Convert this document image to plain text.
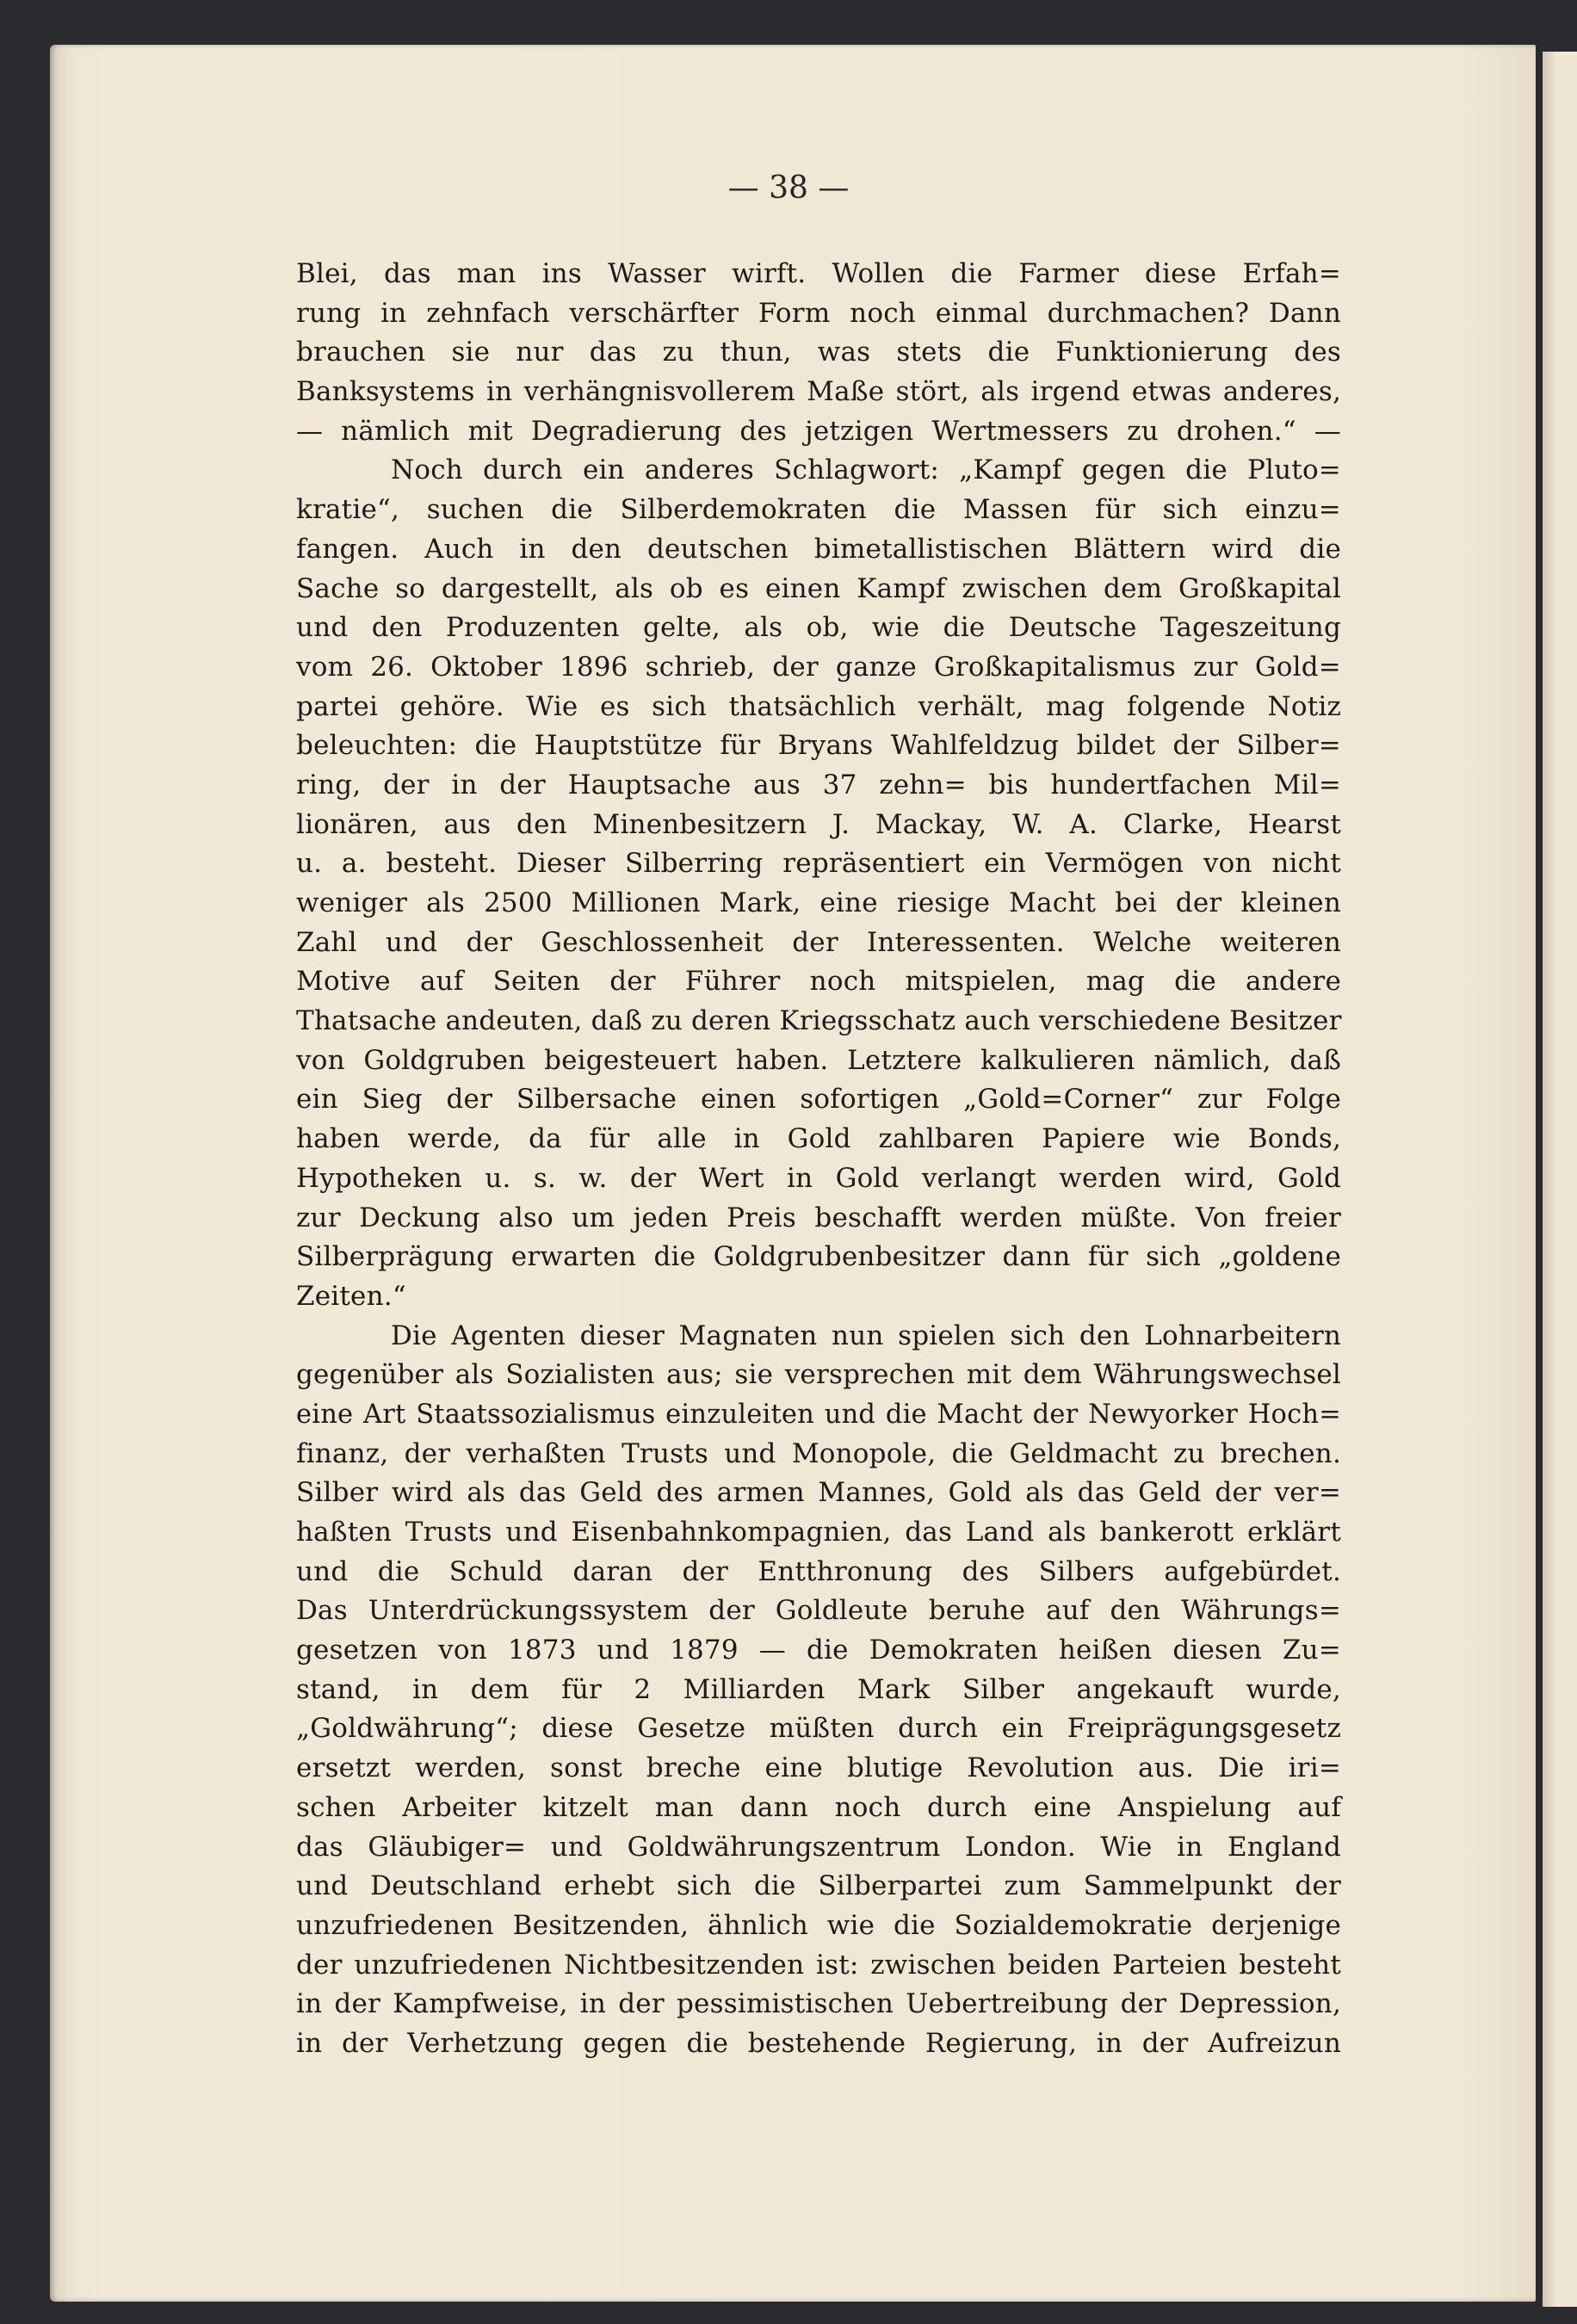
— 38 —
Blei, das man ins Wasser wirft. Wollen die Farmer diese Erfah=
rung in zehnfach verschärfter Form noch einmal durchmachen? Dann
brauchen sie nur das zu thun, was stets die Funktionierung des
Banksystems in verhängnisvollerem Maße stört, als irgend etwas anderes,
— nämlich mit Degradierung des jetzigen Wertmessers zu drohen.“ —
Noch durch ein anderes Schlagwort: „Kampf gegen die Pluto=
kratie“, suchen die Silberdemokraten die Massen für sich einzu=
fangen. Auch in den deutschen bimetallistischen Blättern wird die
Sache so dargestellt, als ob es einen Kampf zwischen dem Großkapital
und den Produzenten gelte, als ob, wie die Deutsche Tageszeitung
vom 26. Oktober 1896 schrieb, der ganze Großkapitalismus zur Gold=
partei gehöre. Wie es sich thatsächlich verhält, mag folgende Notiz
beleuchten: die Hauptstütze für Bryans Wahlfeldzug bildet der Silber=
ring, der in der Hauptsache aus 37 zehn= bis hundertfachen Mil=
lionären, aus den Minenbesitzern J. Mackay, W. A. Clarke, Hearst
u. a. besteht. Dieser Silberring repräsentiert ein Vermögen von nicht
weniger als 2500 Millionen Mark, eine riesige Macht bei der kleinen
Zahl und der Geschlossenheit der Interessenten. Welche weiteren
Motive auf Seiten der Führer noch mitspielen, mag die andere
Thatsache andeuten, daß zu deren Kriegsschatz auch verschiedene Besitzer
von Goldgruben beigesteuert haben. Letztere kalkulieren nämlich, daß
ein Sieg der Silbersache einen sofortigen „Gold=Corner“ zur Folge
haben werde, da für alle in Gold zahlbaren Papiere wie Bonds,
Hypotheken u. s. w. der Wert in Gold verlangt werden wird, Gold
zur Deckung also um jeden Preis beschafft werden müßte. Von freier
Silberprägung erwarten die Goldgrubenbesitzer dann für sich „goldene
Zeiten.“
Die Agenten dieser Magnaten nun spielen sich den Lohnarbeitern
gegenüber als Sozialisten aus; sie versprechen mit dem Währungswechsel
eine Art Staatssozialismus einzuleiten und die Macht der Newyorker Hoch=
finanz, der verhaßten Trusts und Monopole, die Geldmacht zu brechen.
Silber wird als das Geld des armen Mannes, Gold als das Geld der ver=
haßten Trusts und Eisenbahnkompagnien, das Land als bankerott erklärt
und die Schuld daran der Entthronung des Silbers aufgebürdet.
Das Unterdrückungssystem der Goldleute beruhe auf den Währungs=
gesetzen von 1873 und 1879 — die Demokraten heißen diesen Zu=
stand, in dem für 2 Milliarden Mark Silber angekauft wurde,
„Goldwährung“; diese Gesetze müßten durch ein Freiprägungsgesetz
ersetzt werden, sonst breche eine blutige Revolution aus. Die iri=
schen Arbeiter kitzelt man dann noch durch eine Anspielung auf
das Gläubiger= und Goldwährungszentrum London. Wie in England
und Deutschland erhebt sich die Silberpartei zum Sammelpunkt der
unzufriedenen Besitzenden, ähnlich wie die Sozialdemokratie derjenige
der unzufriedenen Nichtbesitzenden ist: zwischen beiden Parteien besteht
in der Kampfweise, in der pessimistischen Uebertreibung der Depression,
in der Verhetzung gegen die bestehende Regierung, in der Aufreizun
